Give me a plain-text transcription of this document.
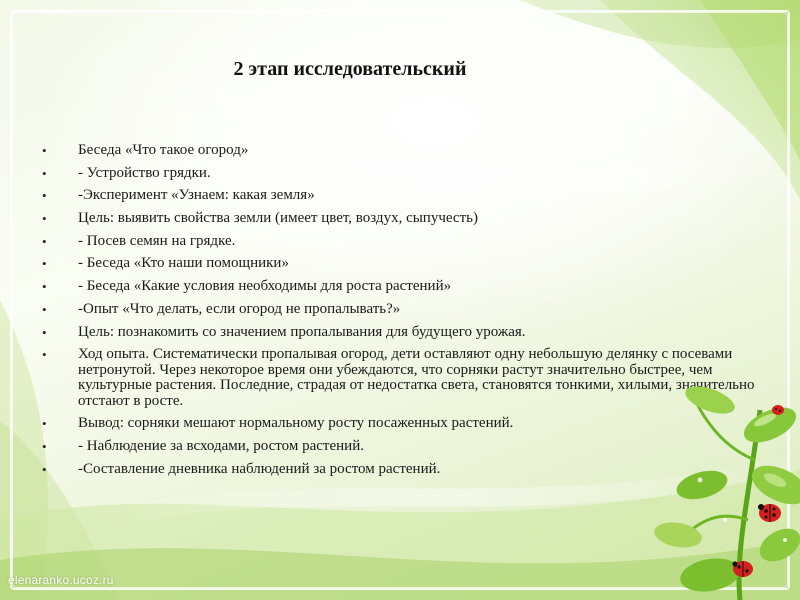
2 этап исследовательский
• Беседа «Что такое огород»
• - Устройство грядки.
• -Эксперимент «Узнаем: какая земля»
• Цель: выявить свойства земли (имеет цвет, воздух, сыпучесть)
• - Посев семян на грядке.
• - Беседа «Кто наши помощники»
• - Беседа «Какие условия необходимы для роста растений»
• -Опыт «Что делать, если огород не пропалывать?»
• Цель: познакомить со значением пропалывания для будущего урожая.
• Ход опыта. Систематически пропалывая огород, дети оставляют одну небольшую делянку с посевами нетронутой. Через некоторое время они убеждаются, что сорняки растут значительно быстрее, чем культурные растения. Последние, страдая от недостатка света, становятся тонкими, хилыми, значительно отстают в росте.
• Вывод: сорняки мешают нормальному росту посаженных растений.
• - Наблюдение за всходами, ростом растений.
• -Составление дневника наблюдений за ростом растений.
elenaranko.ucoz.ru
